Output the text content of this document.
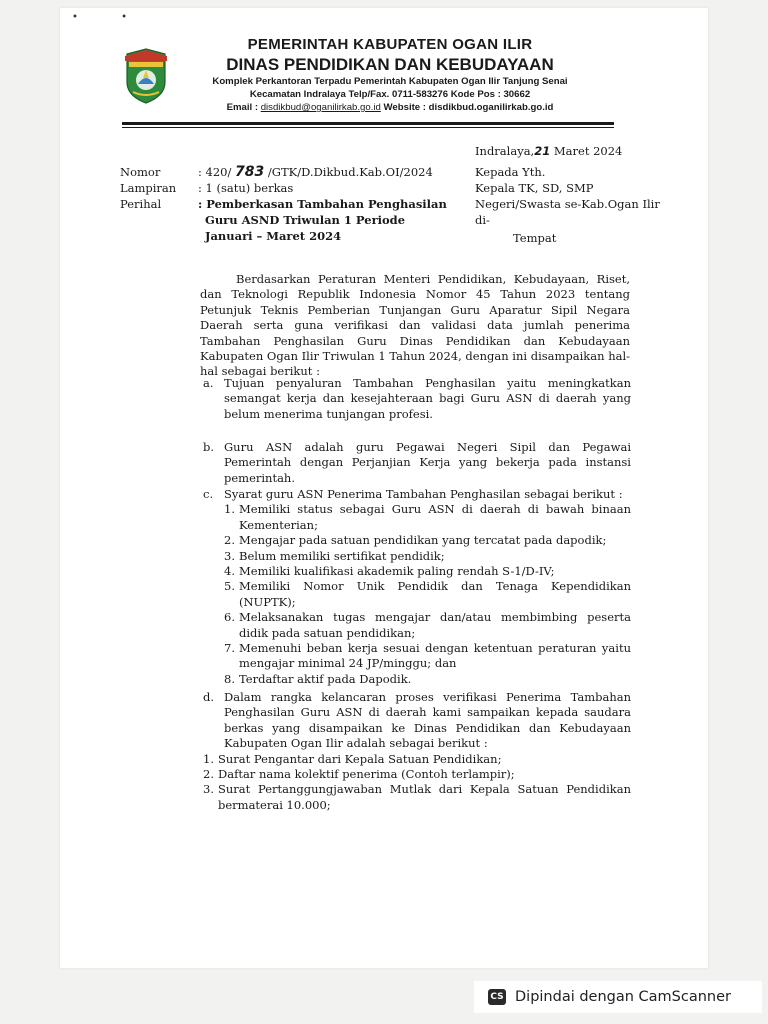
• •
PEMERINTAH KABUPATEN OGAN ILIR
DINAS PENDIDIKAN DAN KEBUDAYAAN
Komplek Perkantoran Terpadu Pemerintah Kabupaten Ogan Ilir Tanjung Senai
Kecamatan Indralaya Telp/Fax. 0711-583276 Kode Pos : 30662
Email : disdikbud@oganilirkab.go.id Website : disdikbud.oganilirkab.go.id
Indralaya,21 Maret 2024
Nomor	: 420/ 783 /GTK/D.Dikbud.Kab.OI/2024
Lampiran	: 1 (satu) berkas
Perihal	: Pemberkasan Tambahan Penghasilan
Guru ASND Triwulan 1 Periode
Januari – Maret 2024
Kepada Yth.
Kepala TK, SD, SMP
Negeri/Swasta se-Kab.Ogan Ilir
di-
Tempat

Berdasarkan Peraturan Menteri Pendidikan, Kebudayaan, Riset, dan Teknologi Republik Indonesia Nomor 45 Tahun 2023 tentang Petunjuk Teknis Pemberian Tunjangan Guru Aparatur Sipil Negara Daerah serta guna verifikasi dan validasi data jumlah penerima Tambahan Penghasilan Guru Dinas Pendidikan dan Kebudayaan Kabupaten Ogan Ilir Triwulan 1 Tahun 2024, dengan ini disampaikan hal-hal sebagai berikut :

a. Tujuan penyaluran Tambahan Penghasilan yaitu meningkatkan semangat kerja dan kesejahteraan bagi Guru ASN di daerah yang belum menerima tunjangan profesi.
b. Guru ASN adalah guru Pegawai Negeri Sipil dan Pegawai Pemerintah dengan Perjanjian Kerja yang bekerja pada instansi pemerintah.
c. Syarat guru ASN Penerima Tambahan Penghasilan sebagai berikut :
1. Memiliki status sebagai Guru ASN di daerah di bawah binaan Kementerian;
2. Mengajar pada satuan pendidikan yang tercatat pada dapodik;
3. Belum memiliki sertifikat pendidik;
4. Memiliki kualifikasi akademik paling rendah S-1/D-IV;
5. Memiliki Nomor Unik Pendidik dan Tenaga Kependidikan (NUPTK);
6. Melaksanakan tugas mengajar dan/atau membimbing peserta didik pada satuan pendidikan;
7. Memenuhi beban kerja sesuai dengan ketentuan peraturan yaitu mengajar minimal 24 JP/minggu; dan
8. Terdaftar aktif pada Dapodik.
d. Dalam rangka kelancaran proses verifikasi Penerima Tambahan Penghasilan Guru ASN di daerah kami sampaikan kepada saudara berkas yang disampaikan ke Dinas Pendidikan dan Kebudayaan Kabupaten Ogan Ilir adalah sebagai berikut :
1. Surat Pengantar dari Kepala Satuan Pendidikan;
2. Daftar nama kolektif penerima (Contoh terlampir);
3. Surat Pertanggungjawaban Mutlak dari Kepala Satuan Pendidikan bermaterai 10.000;
CS Dipindai dengan CamScanner
